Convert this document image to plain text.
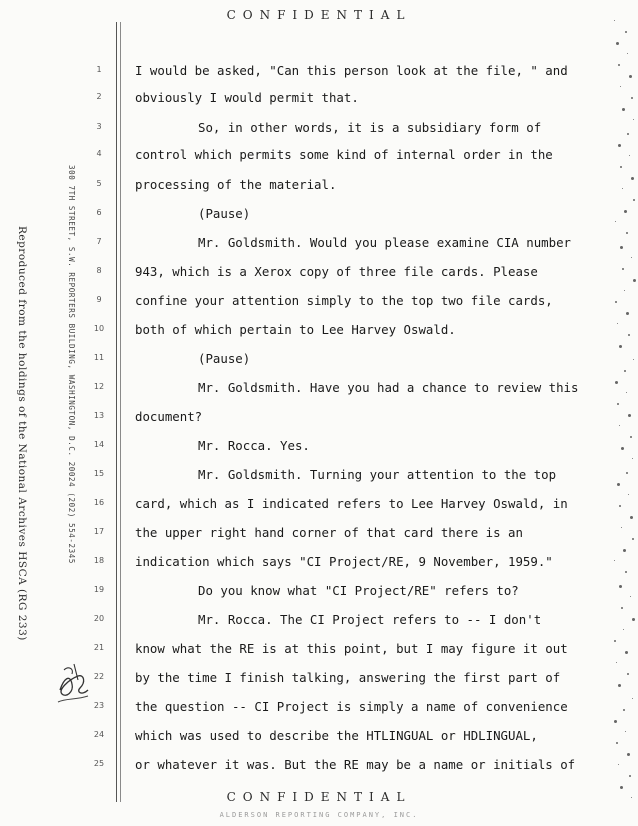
CONFIDENTIAL
Reproduced from the holdings of the National Archives HSCA (RG 233)	300 7TH STREET, S.W. REPORTERS BUILDING, WASHINGTON, D.C. 20024 (202) 554-2345
1
2
3
4
5
6
7
8
9
10
11
12
13
14
15
16
17
18
19
20
21
22
23
24
25
I would be asked, "Can this person look at the file, " and
obviously I would permit that.
So, in other words, it is a subsidiary form of
control which permits some kind of internal order in the
processing of the material.
(Pause)
Mr. Goldsmith. Would you please examine CIA number
943, which is a Xerox copy of three file cards. Please
confine your attention simply to the top two file cards,
both of which pertain to Lee Harvey Oswald.
(Pause)
Mr. Goldsmith. Have you had a chance to review this
document?
Mr. Rocca. Yes.
Mr. Goldsmith. Turning your attention to the top
card, which as I indicated refers to Lee Harvey Oswald, in
the upper right hand corner of that card there is an
indication which says "CI Project/RE, 9 November, 1959."
Do you know what "CI Project/RE" refers to?
Mr. Rocca. The CI Project refers to -- I don't
know what the RE is at this point, but I may figure it out
by the time I finish talking, answering the first part of
the question -- CI Project is simply a name of convenience
which was used to describe the HTLINGUAL or HDLINGUAL,
or whatever it was. But the RE may be a name or initials of
CONFIDENTIAL
ALDERSON REPORTING COMPANY, INC.
